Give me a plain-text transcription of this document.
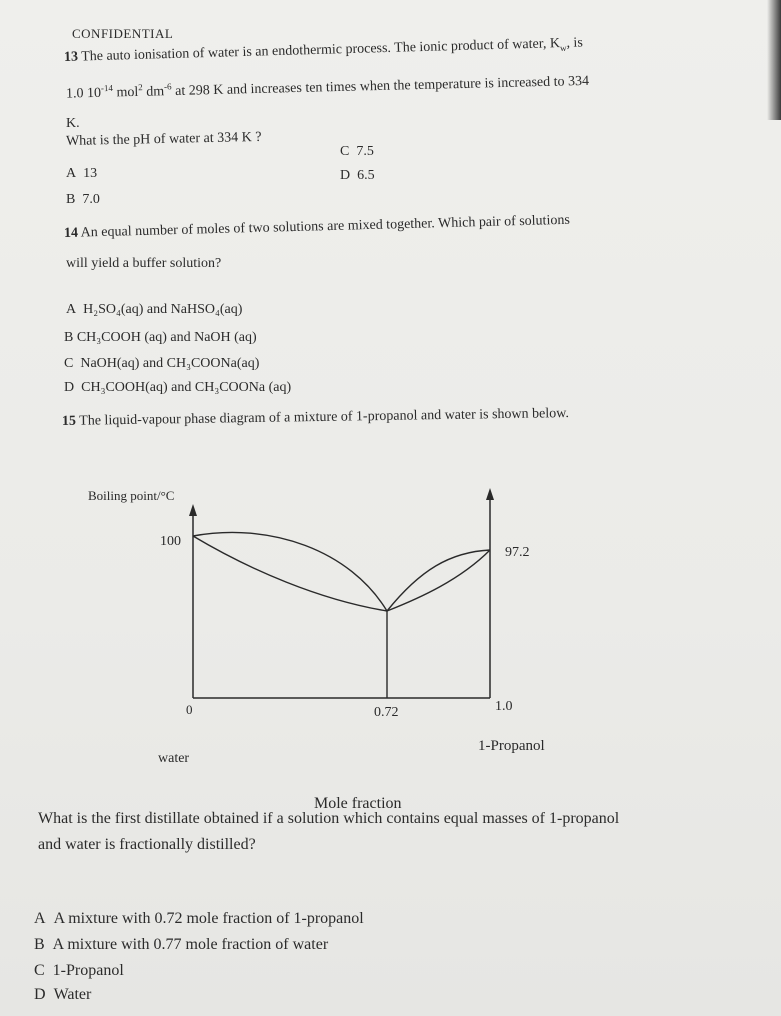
CONFIDENTIAL
13 The auto ionisation of water is an endothermic process. The ionic product of water, $K_w$, is
1.0 $10^{-14}$ mol$^2$ $dm^{-6}$ at 298 K and increases ten times when the temperature is increased to 334
K.
What is the pH of water at 334 K ?
A 13
B 7.0
C 7.5
D 6.5
14 An equal number of moles of two solutions are mixed together. Which pair of solutions
will yield a buffer solution?
A H₂SO₄(aq) and NaHSO₄(aq)
B CH₃COOH (aq) and NaOH (aq)
C NaOH(aq) and CH₃COONa(aq)
D CH₃COOH(aq) and CH₃COONa (aq)
15 The liquid-vapour phase diagram of a mixture of 1-propanol and water is shown below.
Boiling point/°C
100
97.2
0	0.72	1.0
water
1-Propanol
Mole fraction
What is the first distillate obtained if a solution which contains equal masses of 1-propanol
and water is fractionally distilled?
A A mixture with 0.72 mole fraction of 1-propanol
B A mixture with 0.77 mole fraction of water
C 1-Propanol
D Water
